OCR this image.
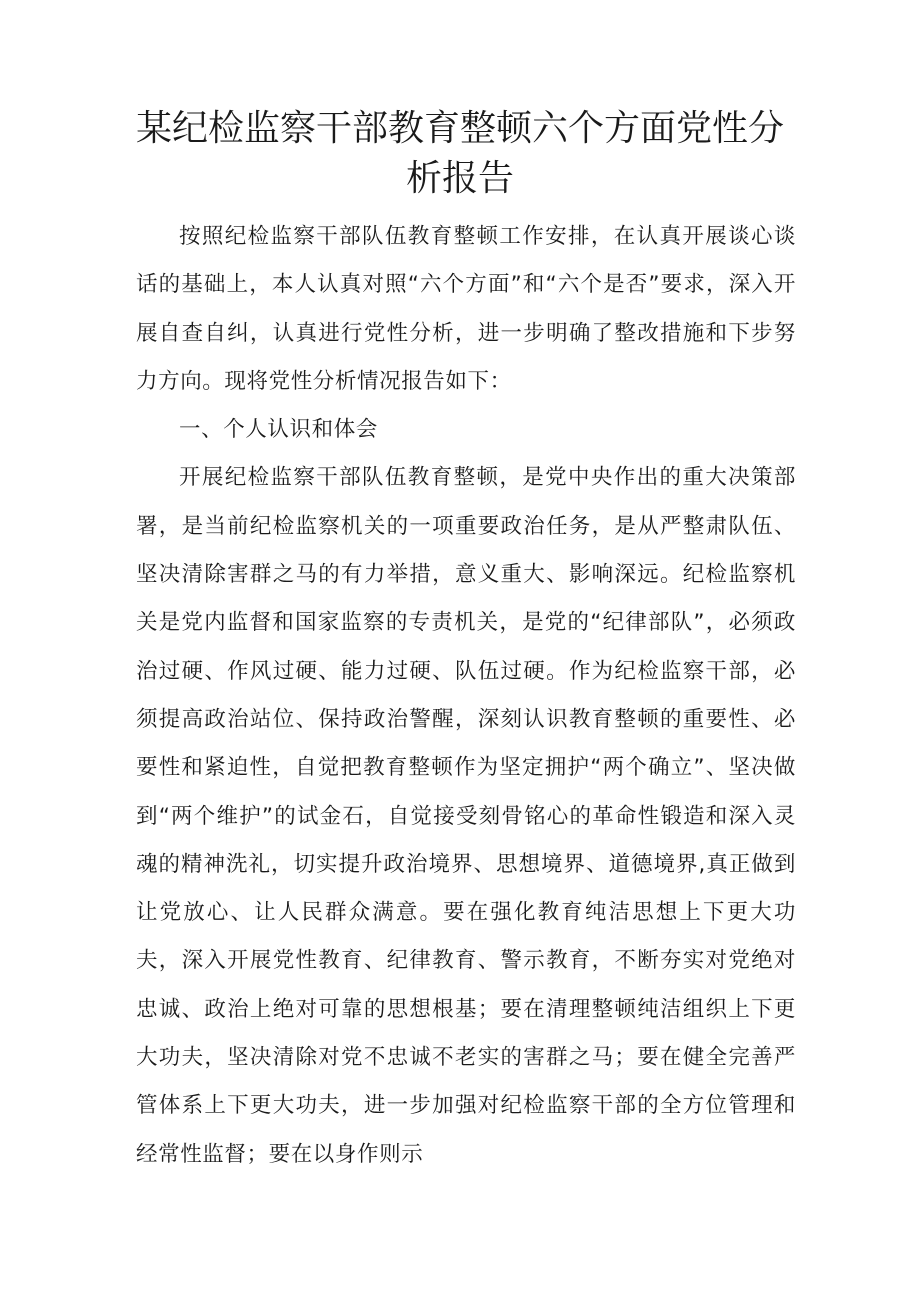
某纪检监察干部教育整顿六个方面党性分析报告

按照纪检监察干部队伍教育整顿工作安排，在认真开展谈心谈话的基础上，本人认真对照“六个方面”和“六个是否”要求，深入开展自查自纠，认真进行党性分析，进一步明确了整改措施和下步努力方向。现将党性分析情况报告如下：

一、个人认识和体会

开展纪检监察干部队伍教育整顿，是党中央作出的重大决策部署，是当前纪检监察机关的一项重要政治任务，是从严整肃队伍、坚决清除害群之马的有力举措，意义重大、影响深远。纪检监察机关是党内监督和国家监察的专责机关，是党的“纪律部队”，必须政治过硬、作风过硬、能力过硬、队伍过硬。作为纪检监察干部，必须提高政治站位、保持政治警醒，深刻认识教育整顿的重要性、必要性和紧迫性，自觉把教育整顿作为坚定拥护“两个确立”、坚决做到“两个维护”的试金石，自觉接受刻骨铭心的革命性锻造和深入灵魂的精神洗礼，切实提升政治境界、思想境界、道德境界,真正做到让党放心、让人民群众满意。要在强化教育纯洁思想上下更大功夫，深入开展党性教育、纪律教育、警示教育，不断夯实对党绝对忠诚、政治上绝对可靠的思想根基；要在清理整顿纯洁组织上下更大功夫，坚决清除对党不忠诚不老实的害群之马；要在健全完善严管体系上下更大功夫，进一步加强对纪检监察干部的全方位管理和经常性监督；要在以身作则示
